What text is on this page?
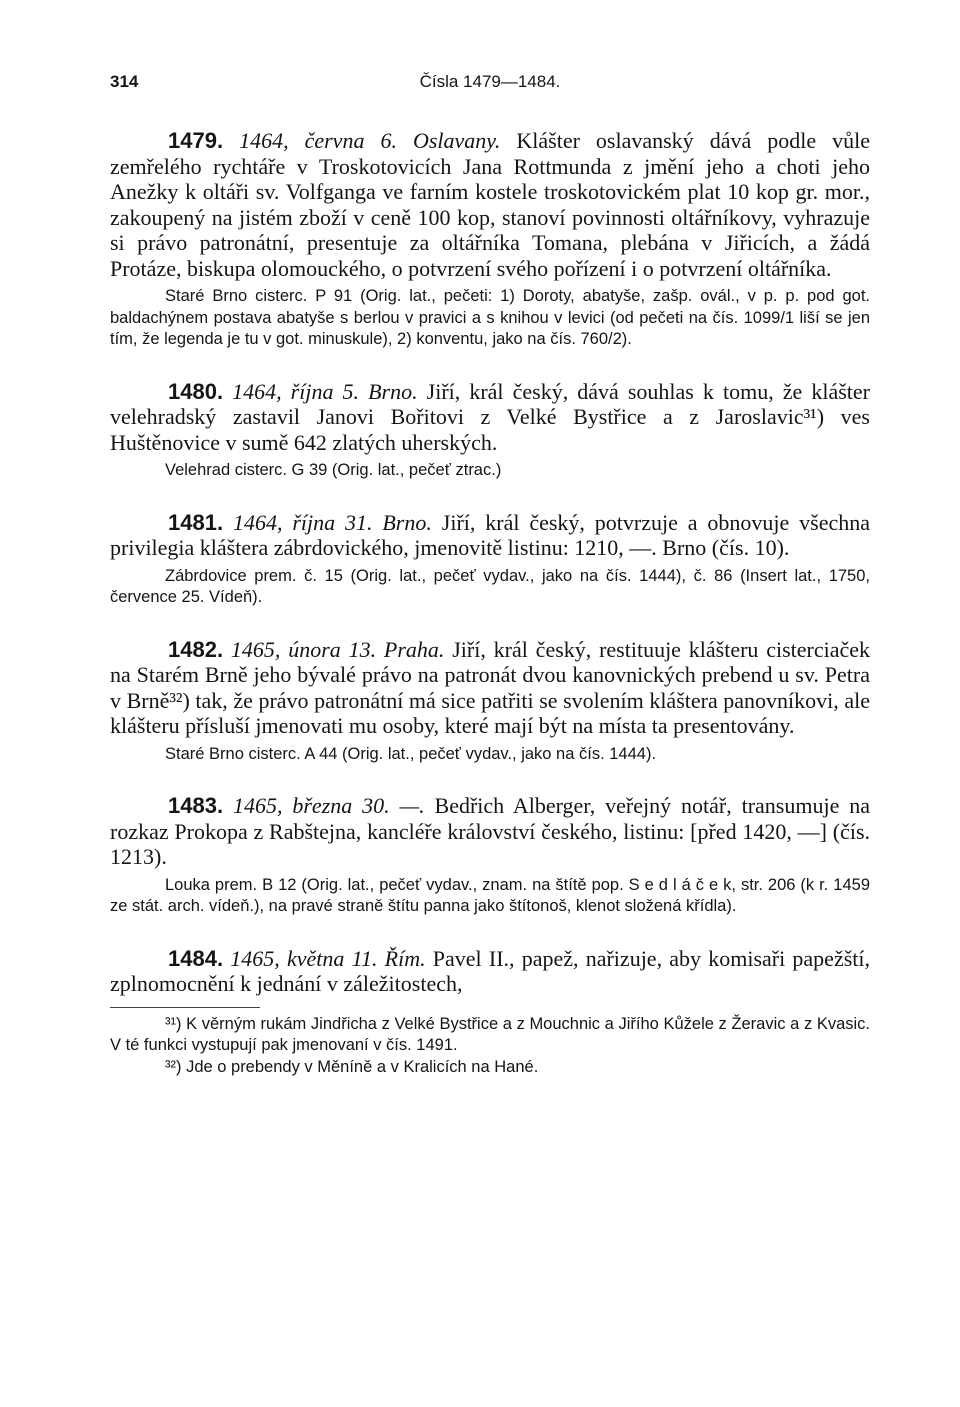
314	Čísla 1479—1484.

1479. 1464, června 6. Oslavany. Klášter oslavanský dává podle vůle zemřelého rychtáře v Troskotovicích Jana Rottmunda z jmění jeho a choti jeho Anežky k oltáři sv. Volfganga ve farním kostele troskotovickém plat 10 kop gr. mor., zakoupený na jistém zboží v ceně 100 kop, stanoví povinnosti oltářníkovy, vyhrazuje si právo patronátní, presentuje za oltářníka Tomana, plebána v Jiřicích, a žádá Protáze, biskupa olomouckého, o potvrzení svého pořízení i o potvrzení oltářníka.

Staré Brno cisterc. P 91 (Orig. lat., pečeti: 1) Doroty, abatyše, zašp. ovál., v p. p. pod got. baldachýnem postava abatyše s berlou v pravici a s knihou v levici (od pečeti na čís. 1099/1 liší se jen tím, že legenda je tu v got. minuskule), 2) konventu, jako na čís. 760/2).

1480. 1464, října 5. Brno. Jiří, král český, dává souhlas k tomu, že klášter velehradský zastavil Janovi Bořitovi z Velké Bystřice a z Jaroslavic³¹) ves Huštěnovice v sumě 642 zlatých uherských.

Velehrad cisterc. G 39 (Orig. lat., pečeť ztrac.)

1481. 1464, října 31. Brno. Jiří, král český, potvrzuje a obnovuje všechna privilegia kláštera zábrdovického, jmenovitě listinu: 1210, —. Brno (čís. 10).

Zábrdovice prem. č. 15 (Orig. lat., pečeť vydav., jako na čís. 1444), č. 86 (Insert lat., 1750, července 25. Vídeň).

1482. 1465, února 13. Praha. Jiří, král český, restituuje klášteru cisterciaček na Starém Brně jeho bývalé právo na patronát dvou kanovnických prebend u sv. Petra v Brně³²) tak, že právo patronátní má sice patřiti se svolením kláštera panovníkovi, ale klášteru přísluší jmenovati mu osoby, které mají být na místa ta presentovány.

Staré Brno cisterc. A 44 (Orig. lat., pečeť vydav., jako na čís. 1444).

1483. 1465, března 30. —. Bedřich Alberger, veřejný notář, transumuje na rozkaz Prokopa z Rabštejna, kancléře království českého, listinu: [před 1420, —] (čís. 1213).

Louka prem. B 12 (Orig. lat., pečeť vydav., znam. na štítě pop. S e d l á č e k, str. 206 (k r. 1459 ze stát. arch. vídeň.), na pravé straně štítu panna jako štítonoš, klenot složená křídla).

1484. 1465, května 11. Řím. Pavel II., papež, nařizuje, aby komisaři papežští, zplnomocnění k jednání v záležitostech,

³¹) K věrným rukám Jindřicha z Velké Bystřice a z Mouchnic a Jiřího Kůžele z Žeravic a z Kvasic. V té funkci vystupují pak jmenovaní v čís. 1491.

³²) Jde o prebendy v Měníně a v Kralicích na Hané.
